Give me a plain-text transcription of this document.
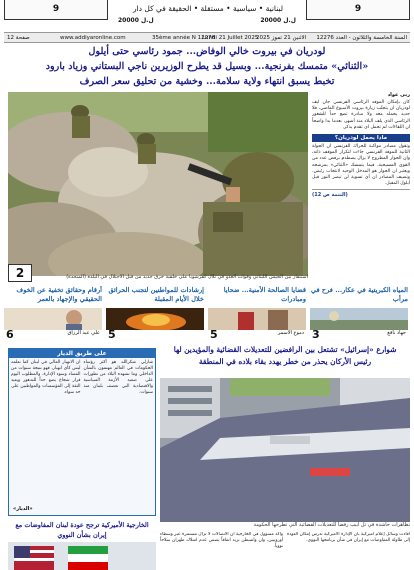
9	لبنانية • سياسية • مستقلة • الحقيقة في كل دار
20000 ل.ل	20000 ل.ل
9
12 صفحة	www.addiyaronline.com	35ème année N 12276
Lundi 21 Juillet 2025
الاثنين 21 تموز 2025 السنة الخامسة والثلاثون - العدد 12276
لودريان في بيروت خالي الوفاض... جمود رئاسي حتى أيلول
«الثنائي» متمسك بفرنجية... وبسيل قد يطرح الوزيرين ناجي البستاني وزياد بارود
تخبط يسبق انتهاء ولاية سلامة... وخشية من تحليق سعر الصرف
2	استنفار بين الجيش اللبناني وقوات العدو في تلال كفرشوبا على خلفية خرق جديد من قبل الاحتلال في البلدة (المتحدة)
ربى عواد
كان بإمكان الموفد الرئاسي الفرنسي جان ايف لودريان ان يتجنّب زيارة بيروت الأسبوع الماضي، فلا جديد يحمله معه ولا مبادرة تضع حداً للشغور الرئاسي الذي يلف البلاد منذ أشهر، بعدما بدا واضحاً ان اللقاءات لم تحمل اي تقدم يذكر.
ماذا يحمل لودريان؟
وتقول مصادر مواكبة للحراك الفرنسي ان الجولة الثانية للموفد الفرنسي جاءت لتكرار الموقف ذاته، وان الحوار المطروح لا يزال يصطدم برفض عدد من القوى المسيحية، فيما يتمسك «الثنائي» بمرشحه ويعتبر ان الحوار هو المدخل الوحيد لانتخاب رئيس. وتضيف المصادر ان أي تسوية لن تبصر النور قبل أيلول المقبل.
(التتمة ص 12)
المياه الكبريتية في عكار... فرح في مرأب
3	جهاد نافع
قضايا الصالحة الأمنية... ضحايا ومبادرات
5	دموع الاسمر
إرشادات للمواطنين لتجنب الحرائق خلال الأيام المقبلة
5
أرقام وحقائق تخفية عن الخوف الحقيقي والإجهاد بالعمر
6	علي عبد الرزاق
شوارع «إسرائيل» تشتعل بين الرافضين للتعديلات القضائية والمؤيدين لها
رئيس الأركان يحذر من خطر يهدد بقاء بلاده في المنطقة
تظاهرات حاشدة في تل أبيب رفضاً للتعديلات القضائية التي تطرحها الحكومة
على طريق الديار
شارلي شكرالله هو أكثر رؤساء الحكومات في العالم مهتمون بالشأن الداخلي وما تشهده البلاد من تطورات على صعيد الأزمة السياسية والاقتصادية التي تعصف بلبنان منذ سنوات.
ان الانهيار المالي في لبنان كما نعلمه ليس كأي انهيار، فهو نتيجة سنوات من الفساد وسوء الإدارة، والمطلوب اليوم قرار شجاع يضع حداً للتدهور ويعيد الثقة إلى المؤسسات والمواطنين على حد سواء.
«الديار»
الخارجية الأميركية ترجح عودة لبنان المفاوضات مع إيران بشأن النووي	أفادت وسائل إعلام أميركية بأن الإدارة الأميركية تدرس إمكان العودة إلى طاولة المفاوضات مع إيران في شأن برنامجها النووي.
وأكد مسؤول في الخارجية ان الاتصالات لا تزال مستمرة عبر وسطاء أوروبيين، وان واشنطن تريد اتفاقاً يضمن عدم امتلاك طهران سلاحاً نووياً.
